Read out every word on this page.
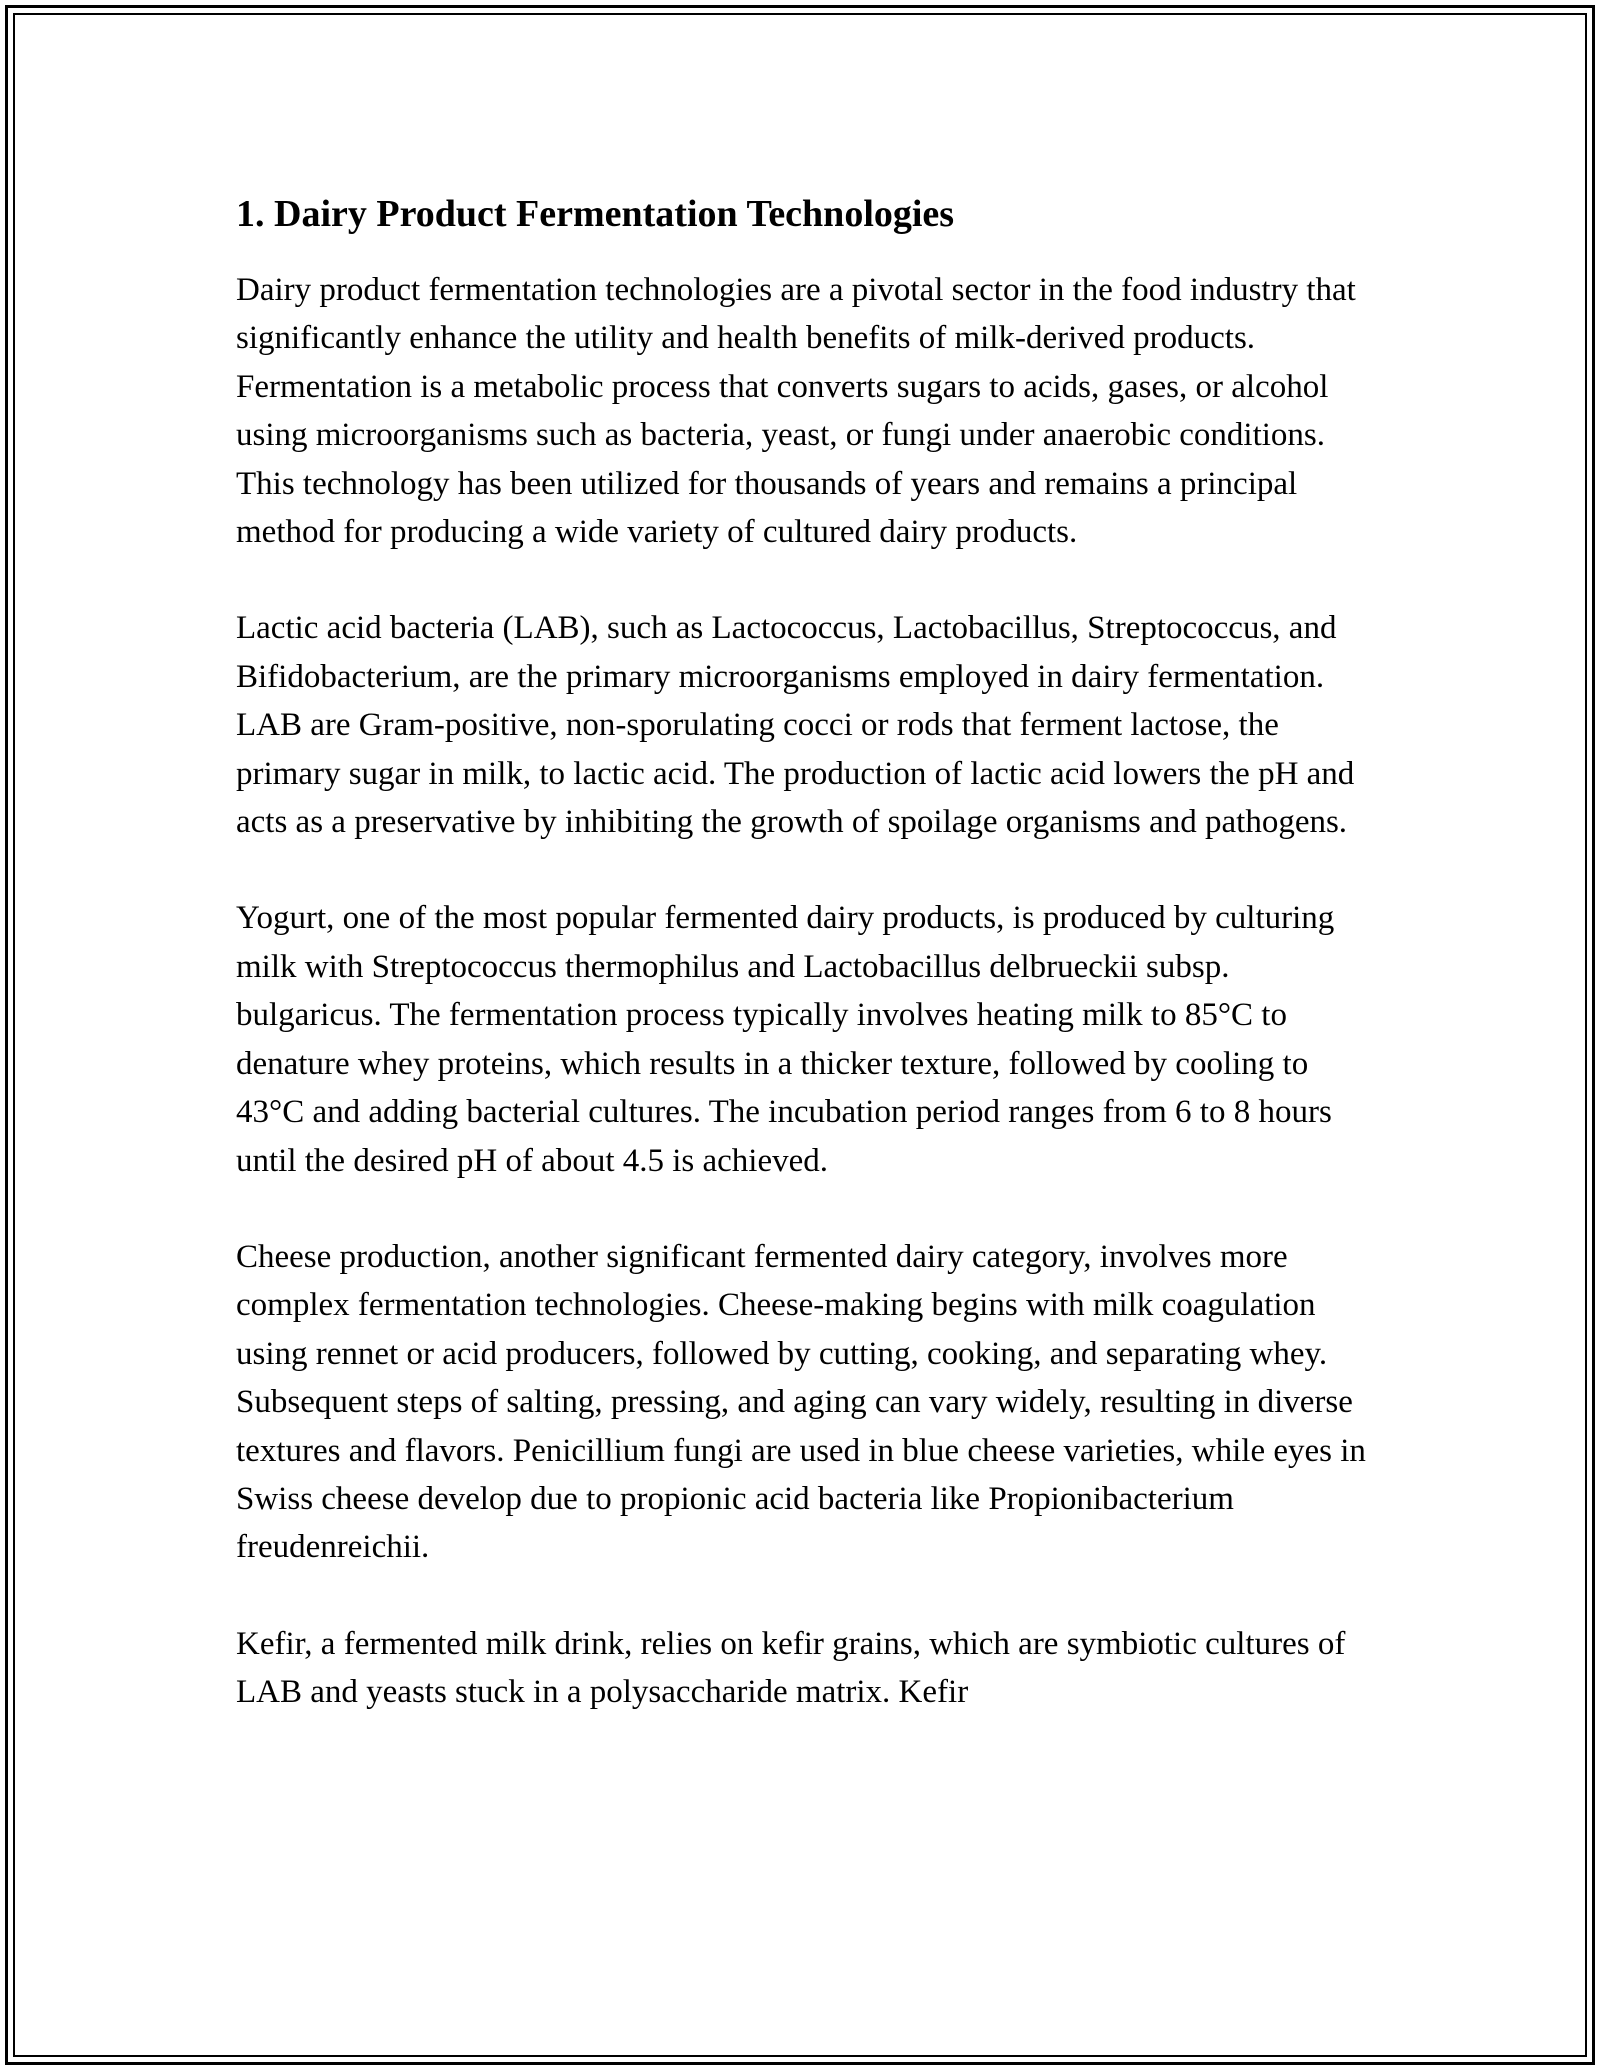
1. Dairy Product Fermentation Technologies

Dairy product fermentation technologies are a pivotal sector in the food industry that significantly enhance the utility and health benefits of milk-derived products. Fermentation is a metabolic process that converts sugars to acids, gases, or alcohol using microorganisms such as bacteria, yeast, or fungi under anaerobic conditions. This technology has been utilized for thousands of years and remains a principal method for producing a wide variety of cultured dairy products.

Lactic acid bacteria (LAB), such as Lactococcus, Lactobacillus, Streptococcus, and Bifidobacterium, are the primary microorganisms employed in dairy fermentation. LAB are Gram-positive, non-sporulating cocci or rods that ferment lactose, the primary sugar in milk, to lactic acid. The production of lactic acid lowers the pH and acts as a preservative by inhibiting the growth of spoilage organisms and pathogens.

Yogurt, one of the most popular fermented dairy products, is produced by culturing milk with Streptococcus thermophilus and Lactobacillus delbrueckii subsp. bulgaricus. The fermentation process typically involves heating milk to 85°C to denature whey proteins, which results in a thicker texture, followed by cooling to 43°C and adding bacterial cultures. The incubation period ranges from 6 to 8 hours until the desired pH of about 4.5 is achieved.

Cheese production, another significant fermented dairy category, involves more complex fermentation technologies. Cheese-making begins with milk coagulation using rennet or acid producers, followed by cutting, cooking, and separating whey. Subsequent steps of salting, pressing, and aging can vary widely, resulting in diverse textures and flavors. Penicillium fungi are used in blue cheese varieties, while eyes in Swiss cheese develop due to propionic acid bacteria like Propionibacterium freudenreichii.

Kefir, a fermented milk drink, relies on kefir grains, which are symbiotic cultures of LAB and yeasts stuck in a polysaccharide matrix. Kefir
